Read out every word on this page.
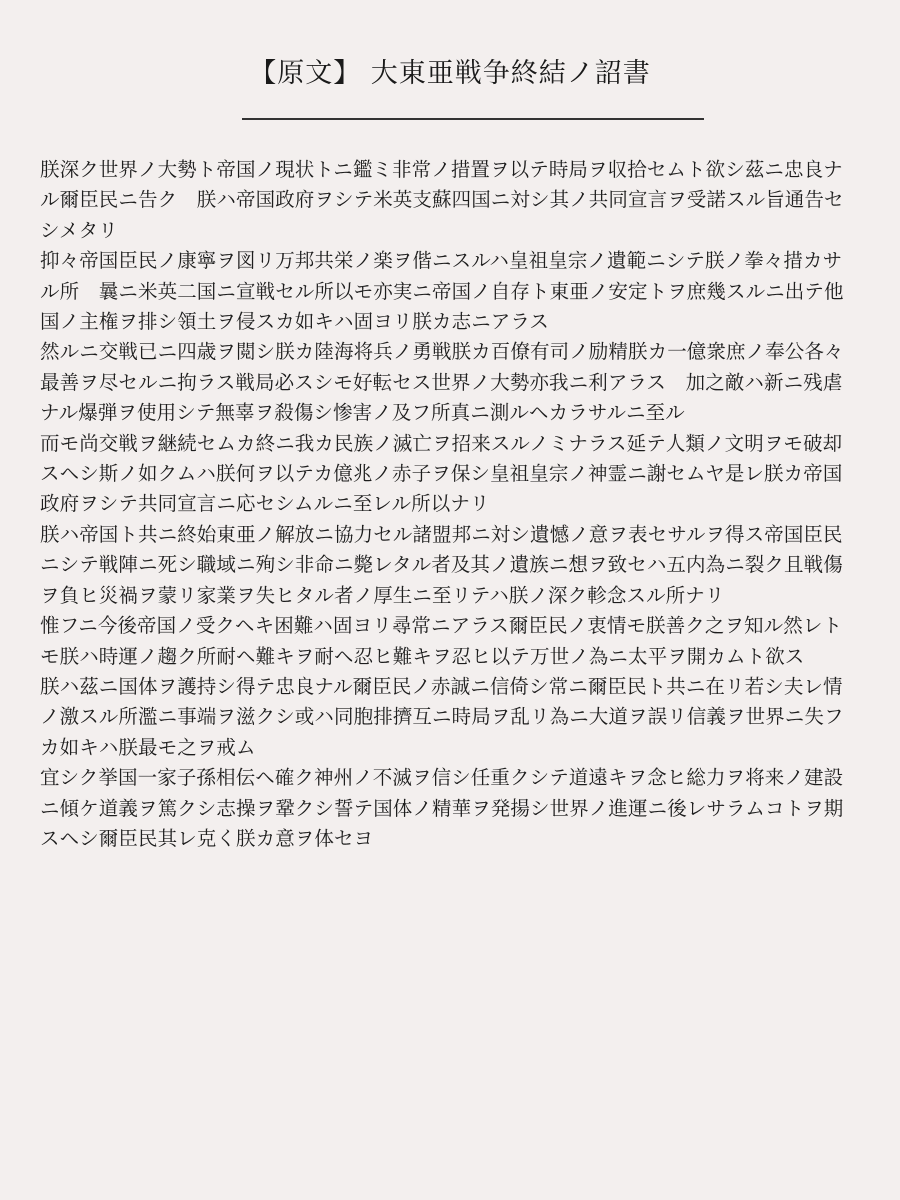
【原文】 大東亜戦争終結ノ詔書

朕深ク世界ノ大勢ト帝国ノ現状トニ鑑ミ非常ノ措置ヲ以テ時局ヲ収拾セムト欲シ茲ニ忠良ナル爾臣民ニ告ク　朕ハ帝国政府ヲシテ米英支蘇四国ニ対シ其ノ共同宣言ヲ受諾スル旨通告セシメタリ

抑々帝国臣民ノ康寧ヲ図リ万邦共栄ノ楽ヲ偕ニスルハ皇祖皇宗ノ遺範ニシテ朕ノ拳々措カサル所　曩ニ米英二国ニ宣戦セル所以モ亦実ニ帝国ノ自存ト東亜ノ安定トヲ庶幾スルニ出テ他国ノ主権ヲ排シ領土ヲ侵スカ如キハ固ヨリ朕カ志ニアラス

然ルニ交戦已ニ四歳ヲ閲シ朕カ陸海将兵ノ勇戦朕カ百僚有司ノ励精朕カ一億衆庶ノ奉公各々最善ヲ尽セルニ拘ラス戦局必スシモ好転セス世界ノ大勢亦我ニ利アラス　加之敵ハ新ニ残虐ナル爆弾ヲ使用シテ無辜ヲ殺傷シ惨害ノ及フ所真ニ測ルヘカラサルニ至ル

而モ尚交戦ヲ継続セムカ終ニ我カ民族ノ滅亡ヲ招来スルノミナラス延テ人類ノ文明ヲモ破却スヘシ斯ノ如クムハ朕何ヲ以テカ億兆ノ赤子ヲ保シ皇祖皇宗ノ神霊ニ謝セムヤ是レ朕カ帝国政府ヲシテ共同宣言ニ応セシムルニ至レル所以ナリ

朕ハ帝国ト共ニ終始東亜ノ解放ニ協力セル諸盟邦ニ対シ遺憾ノ意ヲ表セサルヲ得ス帝国臣民ニシテ戦陣ニ死シ職域ニ殉シ非命ニ斃レタル者及其ノ遺族ニ想ヲ致セハ五内為ニ裂ク且戦傷ヲ負ヒ災禍ヲ蒙リ家業ヲ失ヒタル者ノ厚生ニ至リテハ朕ノ深ク軫念スル所ナリ

惟フニ今後帝国ノ受クヘキ困難ハ固ヨリ尋常ニアラス爾臣民ノ衷情モ朕善ク之ヲ知ル然レトモ朕ハ時運ノ趨ク所耐ヘ難キヲ耐ヘ忍ヒ難キヲ忍ヒ以テ万世ノ為ニ太平ヲ開カムト欲ス

朕ハ茲ニ国体ヲ護持シ得テ忠良ナル爾臣民ノ赤誠ニ信倚シ常ニ爾臣民ト共ニ在リ若シ夫レ情ノ激スル所濫ニ事端ヲ滋クシ或ハ同胞排擠互ニ時局ヲ乱リ為ニ大道ヲ誤リ信義ヲ世界ニ失フカ如キハ朕最モ之ヲ戒ム

宜シク挙国一家子孫相伝ヘ確ク神州ノ不滅ヲ信シ任重クシテ道遠キヲ念ヒ総力ヲ将来ノ建設ニ傾ケ道義ヲ篤クシ志操ヲ鞏クシ誓テ国体ノ精華ヲ発揚シ世界ノ進運ニ後レサラムコトヲ期スヘシ爾臣民其レ克く朕カ意ヲ体セヨ
